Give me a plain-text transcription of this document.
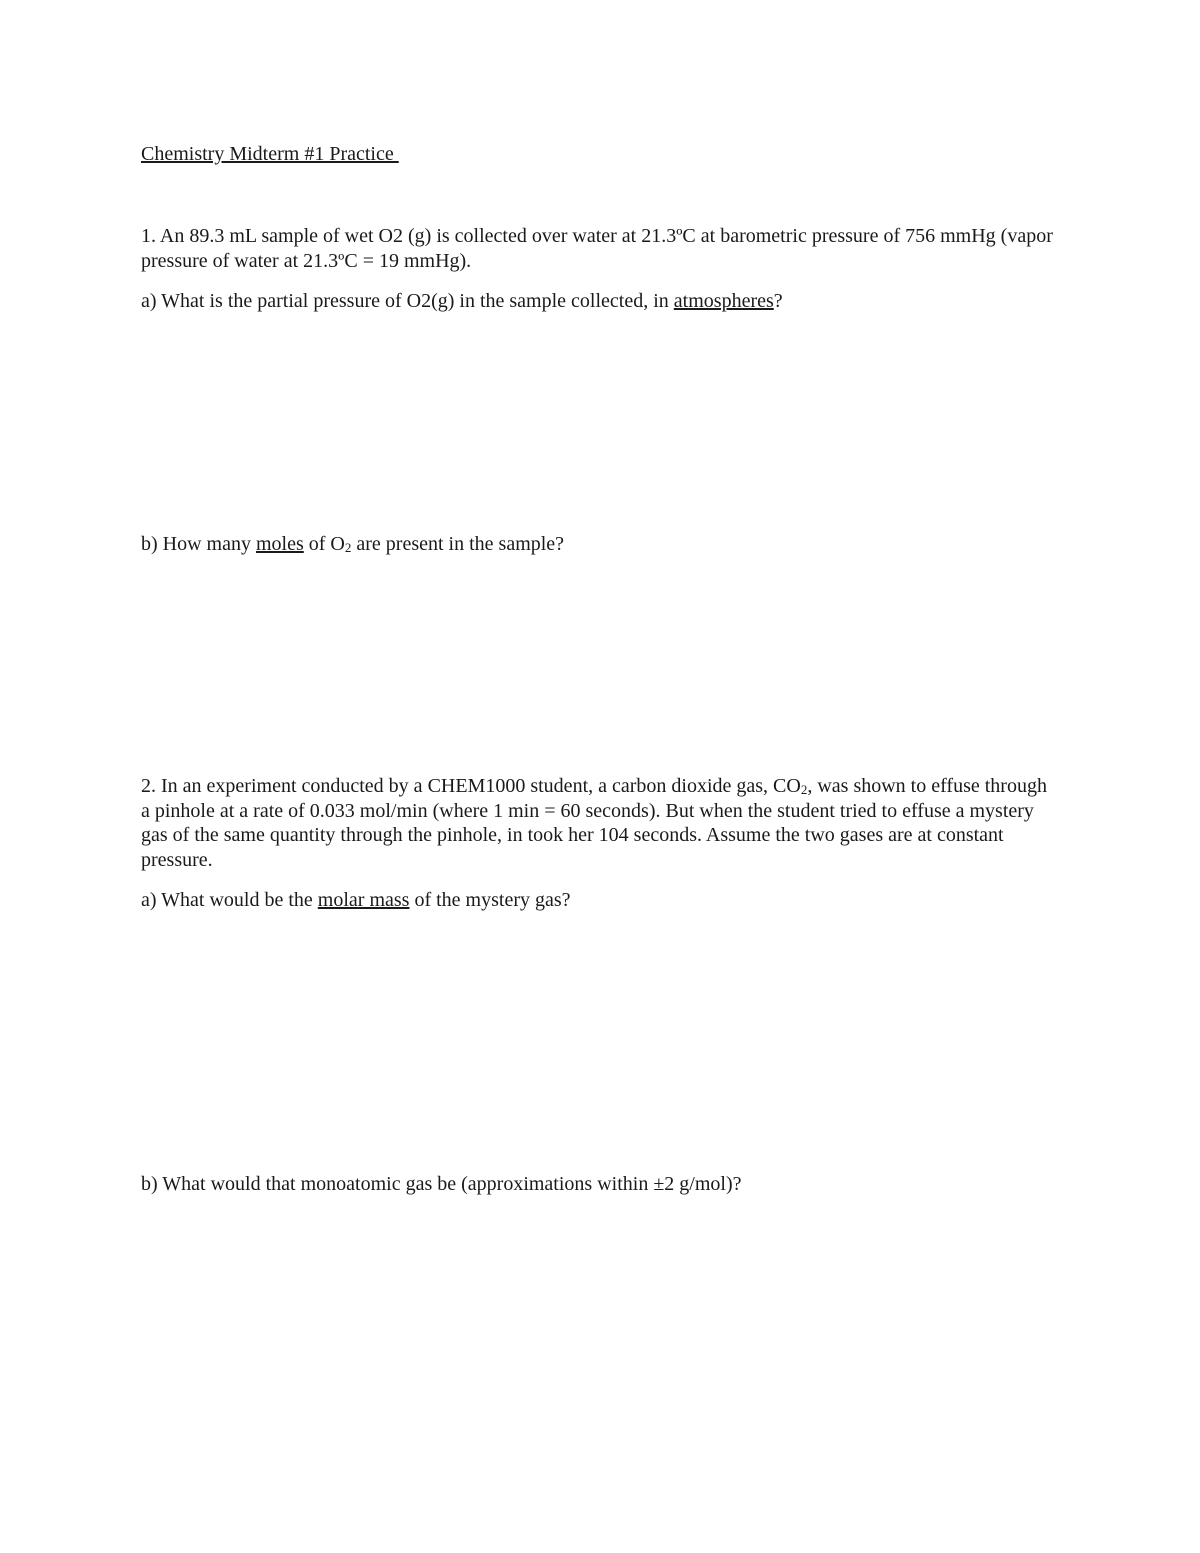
Chemistry Midterm #1 Practice

1. An 89.3 mL sample of wet O2 (g) is collected over water at 21.3ºC at barometric pressure of 756 mmHg (vapor pressure of water at 21.3ºC = 19 mmHg).

a) What is the partial pressure of O2(g) in the sample collected, in atmospheres?

b) How many moles of $O_2$ are present in the sample?

2. In an experiment conducted by a CHEM1000 student, a carbon dioxide gas, $CO_2$, was shown to effuse through a pinhole at a rate of 0.033 mol/min (where 1 min = 60 seconds). But when the student tried to effuse a mystery gas of the same quantity through the pinhole, in took her 104 seconds. Assume the two gases are at constant pressure.

a) What would be the molar mass of the mystery gas?

b) What would that monoatomic gas be (approximations within ±2 g/mol)?
